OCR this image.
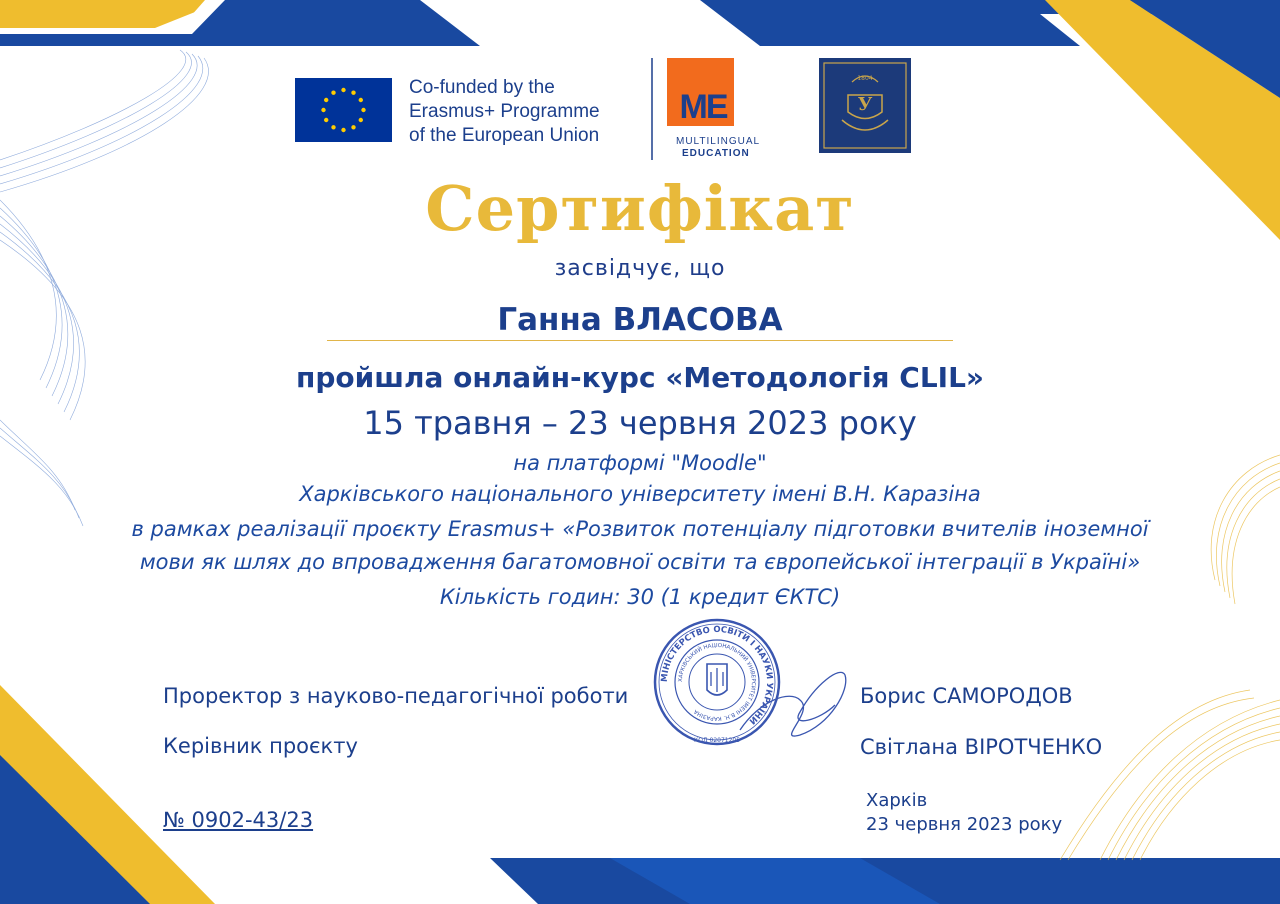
МІНІСТЕРСТВО ОСВІТИ І НАУКИ УКРАЇНИ
ХАРКІВСЬКИЙ НАЦІОНАЛЬНИЙ УНІВЕРСИТЕТ ІМЕНІ В.Н. КАРАЗІНА
КОД 02071205
Co-funded by the
Erasmus+ Programme
of the European Union
ME	У
1804
MULTILINGUAL
EDUCATION
Сертифікат
засвідчує, що
Ганна ВЛАСОВА
пройшла онлайн-курс «Методологія CLIL»
15 травня – 23 червня 2023 року
на платформі "Moodle"
Харківського національного університету імені В.Н. Каразіна
в рамках реалізації проєкту Erasmus+ «Розвиток потенціалу підготовки вчителів іноземної
мови як шлях до впровадження багатомовної освіти та європейської інтеграції в Україні»
Кількість годин: 30 (1 кредит ЄКТС)
Проректор з науково-педагогічної роботи	Борис САМОРОДОВ
Керівник проєкту	Світлана ВІРОТЧЕНКО
№ 0902-43/23
Харків
23 червня 2023 року
